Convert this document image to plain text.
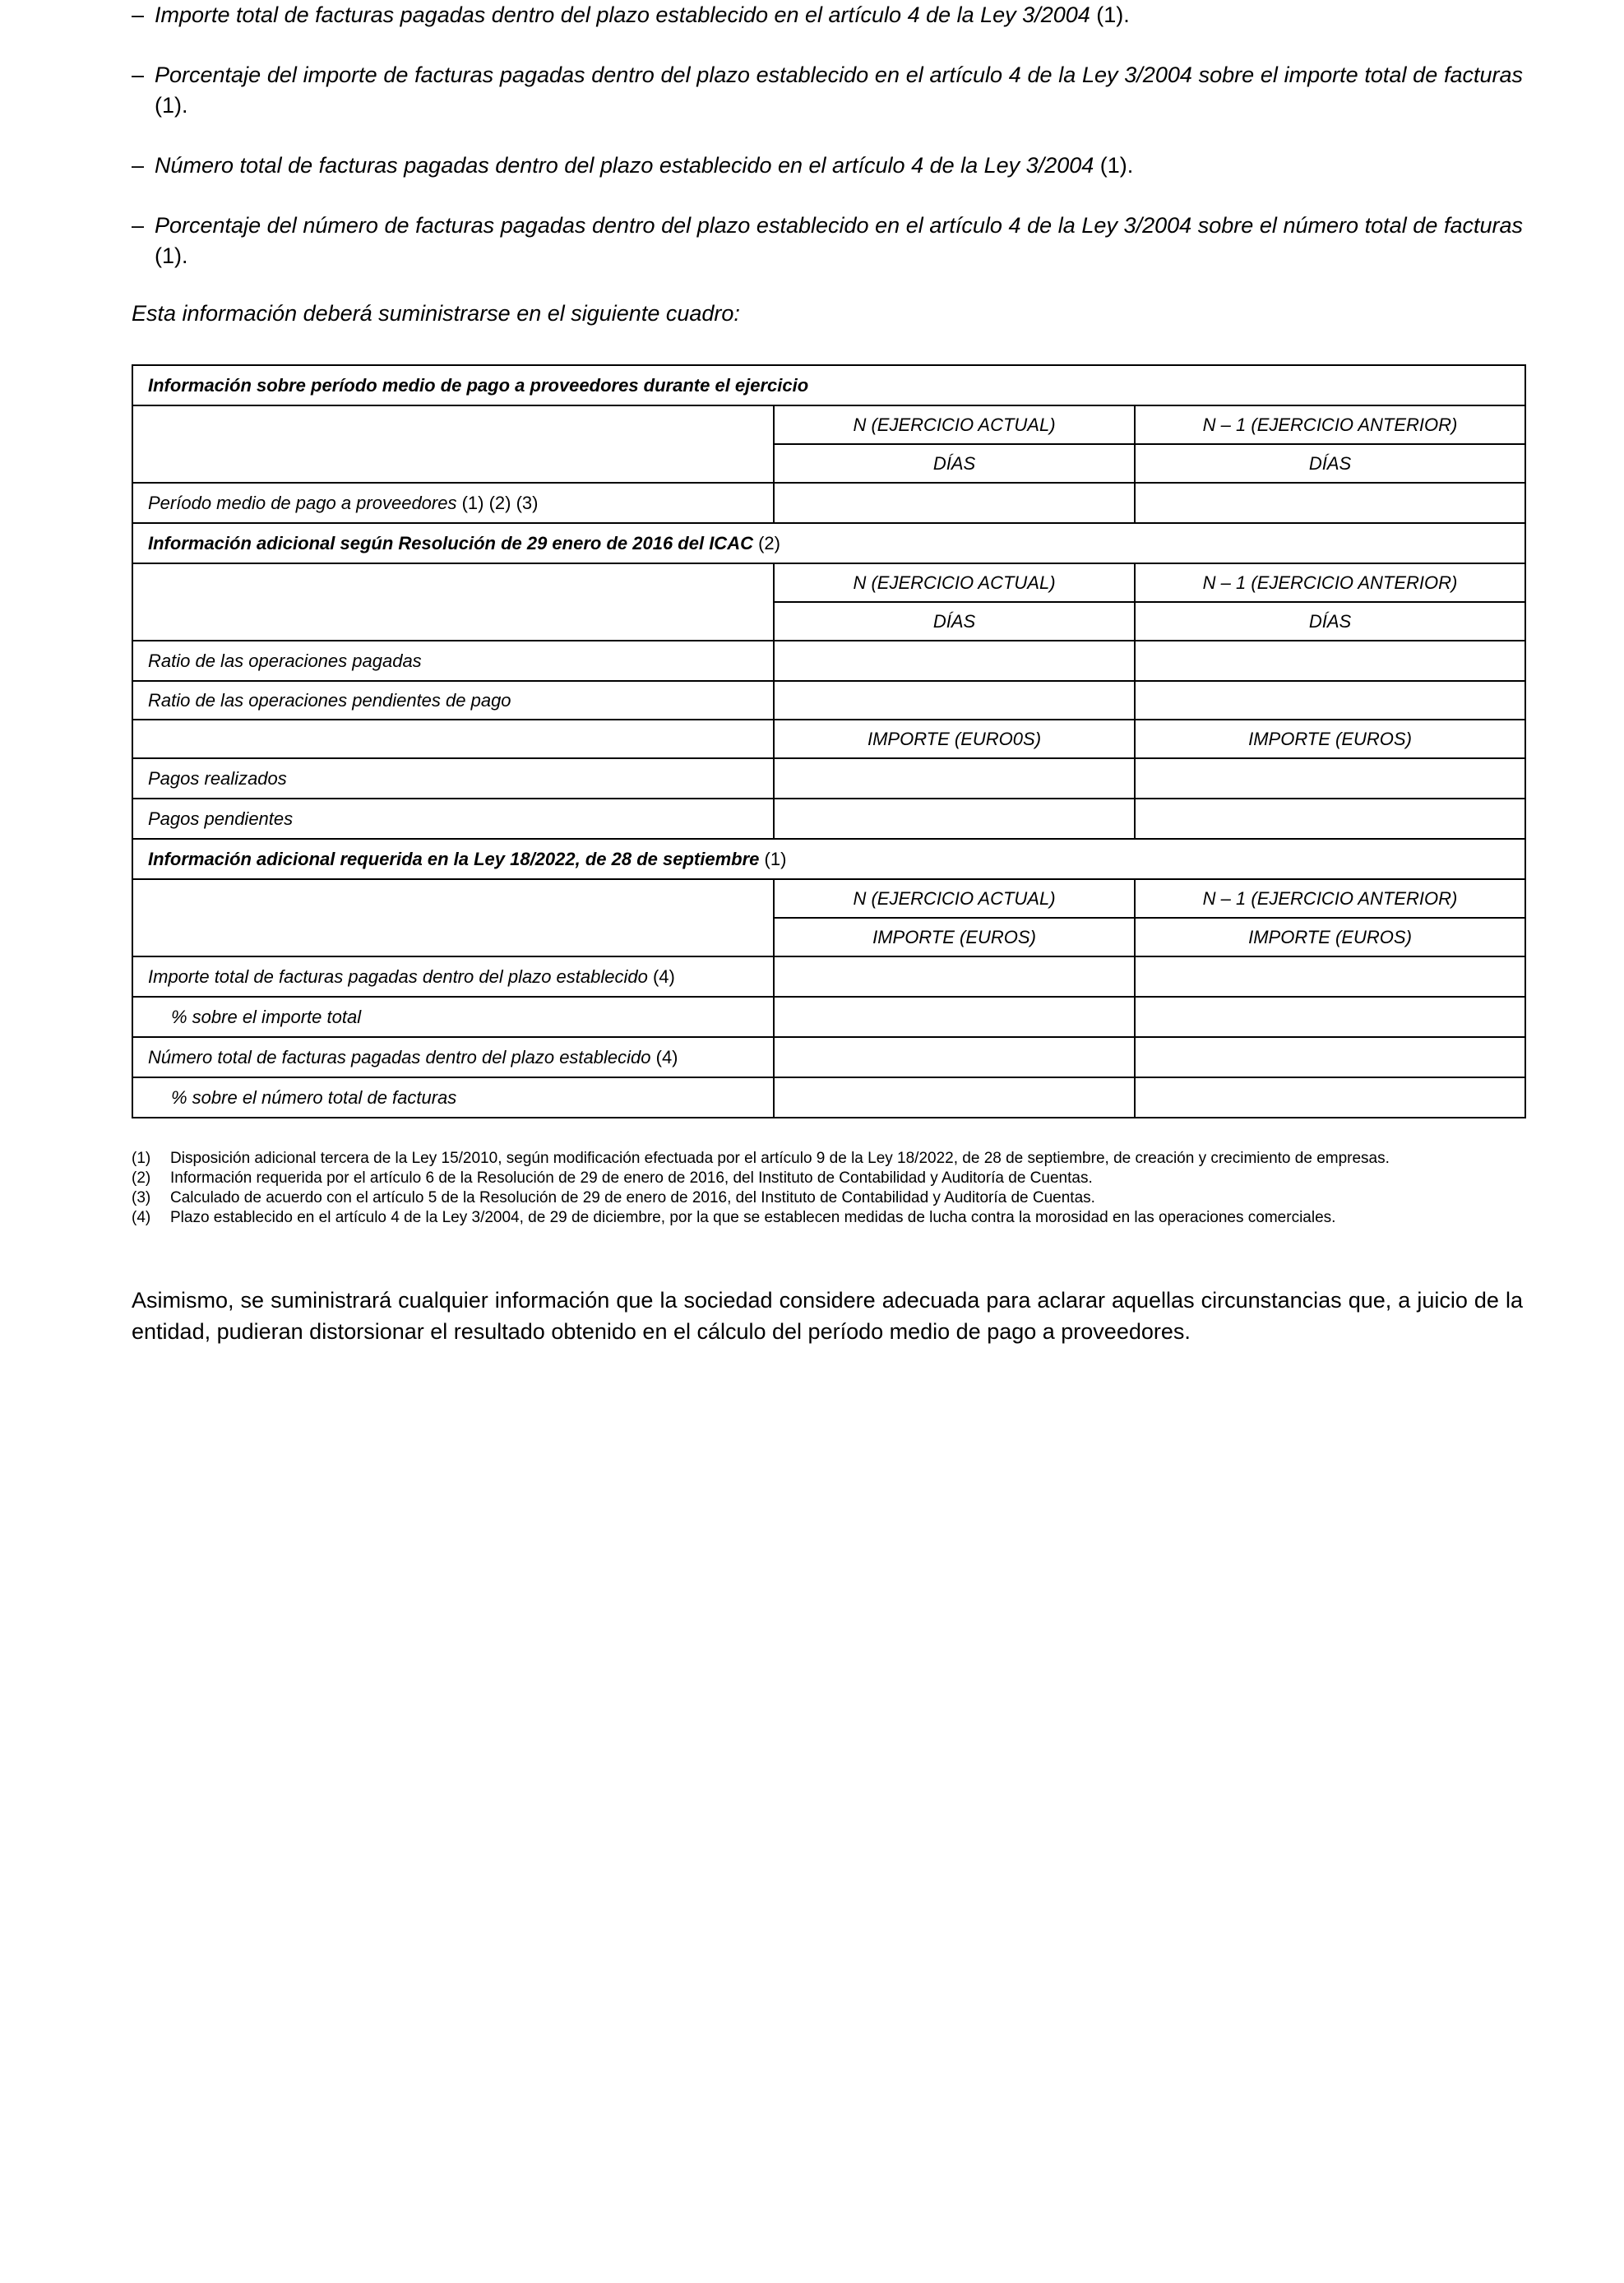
– Importe total de facturas pagadas dentro del plazo establecido en el artículo 4 de la Ley 3/2004 (1).

– Porcentaje del importe de facturas pagadas dentro del plazo establecido en el artículo 4 de la Ley 3/2004 sobre el importe total de facturas (1).

– Número total de facturas pagadas dentro del plazo establecido en el artículo 4 de la Ley 3/2004 (1).

– Porcentaje del número de facturas pagadas dentro del plazo establecido en el artículo 4 de la Ley 3/2004 sobre el número total de facturas (1).

Esta información deberá suministrarse en el siguiente cuadro:

Información sobre período medio de pago a proveedores durante el ejercicio		
	N (EJERCICIO ACTUAL)	N – 1 (EJERCICIO ANTERIOR)
	DÍAS	DÍAS
Período medio de pago a proveedores (1) (2) (3)		
Información adicional según Resolución de 29 enero de 2016 del ICAC (2)		
	N (EJERCICIO ACTUAL)	N – 1 (EJERCICIO ANTERIOR)
	DÍAS	DÍAS
Ratio de las operaciones pagadas		
Ratio de las operaciones pendientes de pago		
	IMPORTE (EURO0S)	IMPORTE (EUROS)
Pagos realizados		
Pagos pendientes		
Información adicional requerida en la Ley 18/2022, de 28 de septiembre (1)		
	N (EJERCICIO ACTUAL)	N – 1 (EJERCICIO ANTERIOR)
	IMPORTE (EUROS)	IMPORTE (EUROS)
Importe total de facturas pagadas dentro del plazo establecido (4)		
% sobre el importe total		
Número total de facturas pagadas dentro del plazo establecido (4)		
% sobre el número total de facturas		

(1) Disposición adicional tercera de la Ley 15/2010, según modificación efectuada por el artículo 9 de la Ley 18/2022, de 28 de septiembre, de creación y crecimiento de empresas.

(2) Información requerida por el artículo 6 de la Resolución de 29 de enero de 2016, del Instituto de Contabilidad y Auditoría de Cuentas.

(3) Calculado de acuerdo con el artículo 5 de la Resolución de 29 de enero de 2016, del Instituto de Contabilidad y Auditoría de Cuentas.

(4) Plazo establecido en el artículo 4 de la Ley 3/2004, de 29 de diciembre, por la que se establecen medidas de lucha contra la morosidad en las operaciones comerciales.

Asimismo, se suministrará cualquier información que la sociedad considere adecuada para aclarar aquellas circunstancias que, a juicio de la entidad, pudieran distorsionar el resultado obtenido en el cálculo del período medio de pago a proveedores.
